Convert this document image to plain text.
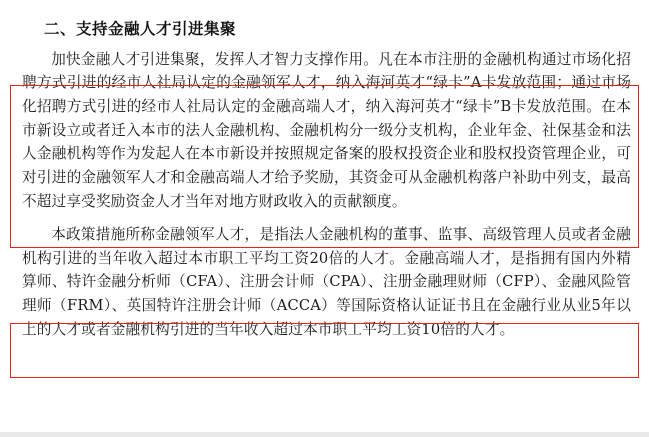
二、支持金融人才引进集聚

加快金融人才引进集聚，发挥人才智力支撑作用。凡在本市注册的金融机构通过市场化招聘方式引进的经市人社局认定的金融领军人才，纳入海河英才“绿卡”A卡发放范围；通过市场化招聘方式引进的经市人社局认定的金融高端人才，纳入海河英才“绿卡”B卡发放范围。在本市新设立或者迁入本市的法人金融机构、金融机构分一级分支机构，企业年金、社保基金和法人金融机构等作为发起人在本市新设并按照规定备案的股权投资企业和股权投资管理企业，可对引进的金融领军人才和金融高端人才给予奖励，其资金可从金融机构落户补助中列支，最高不超过享受奖励资金人才当年对地方财政收入的贡献额度。

本政策措施所称金融领军人才，是指法人金融机构的董事、监事、高级管理人员或者金融机构引进的当年收入超过本市职工平均工资20倍的人才。金融高端人才，是指拥有国内外精算师、特许金融分析师（CFA）、注册会计师（CPA）、注册金融理财师（CFP）、金融风险管理师（FRM）、英国特许注册会计师（ACCA）等国际资格认证证书且在金融行业从业5年以上的人才或者金融机构引进的当年收入超过本市职工平均工资10倍的人才。
